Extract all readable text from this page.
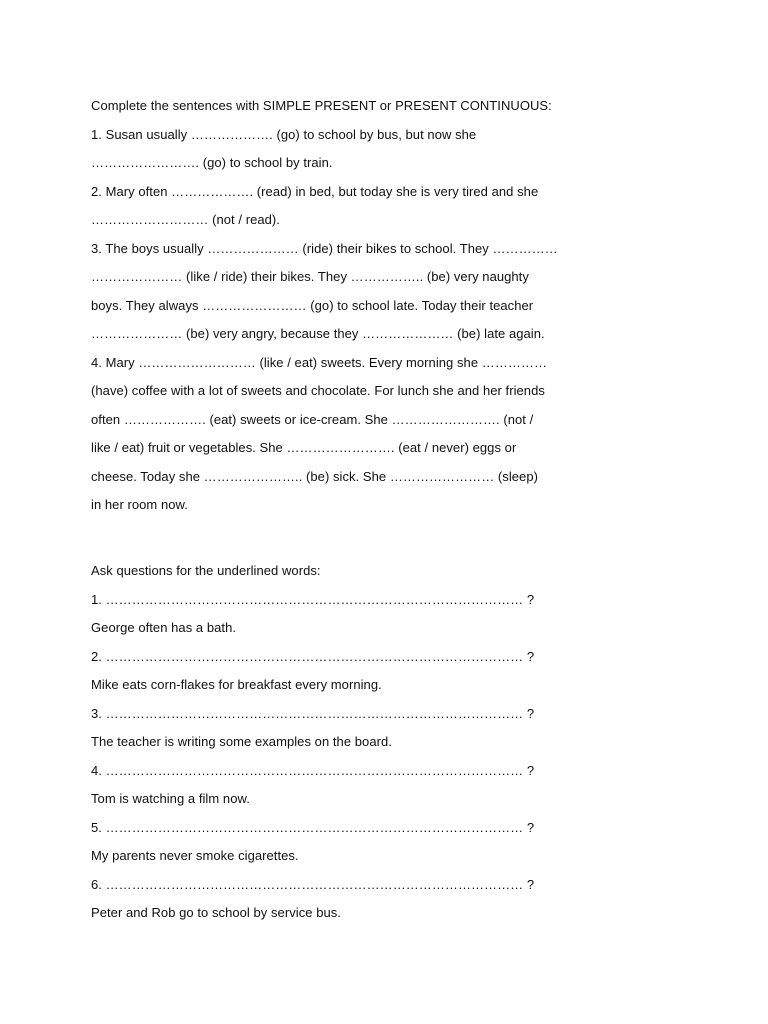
Complete the sentences with SIMPLE PRESENT or PRESENT CONTINUOUS:
1. Susan usually ………………. (go) to school by bus, but now she
……………………. (go) to school by train.
2. Mary often ………………. (read) in bed, but today she is very tired and she
……………………… (not / read).
3. The boys usually ………………… (ride) their bikes to school. They ……………
………………… (like / ride) their bikes. They …………….. (be) very naughty
boys. They always …………………… (go) to school late. Today their teacher
………………… (be) very angry, because they ………………… (be) late again.
4. Mary ……………………… (like / eat) sweets. Every morning she ……………
(have) coffee with a lot of sweets and chocolate. For lunch she and her friends
often ………………. (eat) sweets or ice-cream. She ……………………. (not /
like / eat) fruit or vegetables. She ……………………. (eat / never) eggs or
cheese. Today she ………………….. (be) sick. She …………………… (sleep)
in her room now.
Ask questions for the underlined words:
1. …………………………………………………………………………………… ?
George often has a bath.
2. …………………………………………………………………………………… ?
Mike eats corn-flakes for breakfast every morning.
3. …………………………………………………………………………………… ?
The teacher is writing some examples on the board.
4. …………………………………………………………………………………… ?
Tom is watching a film now.
5. …………………………………………………………………………………… ?
My parents never smoke cigarettes.
6. …………………………………………………………………………………… ?
Peter and Rob go to school by service bus.
